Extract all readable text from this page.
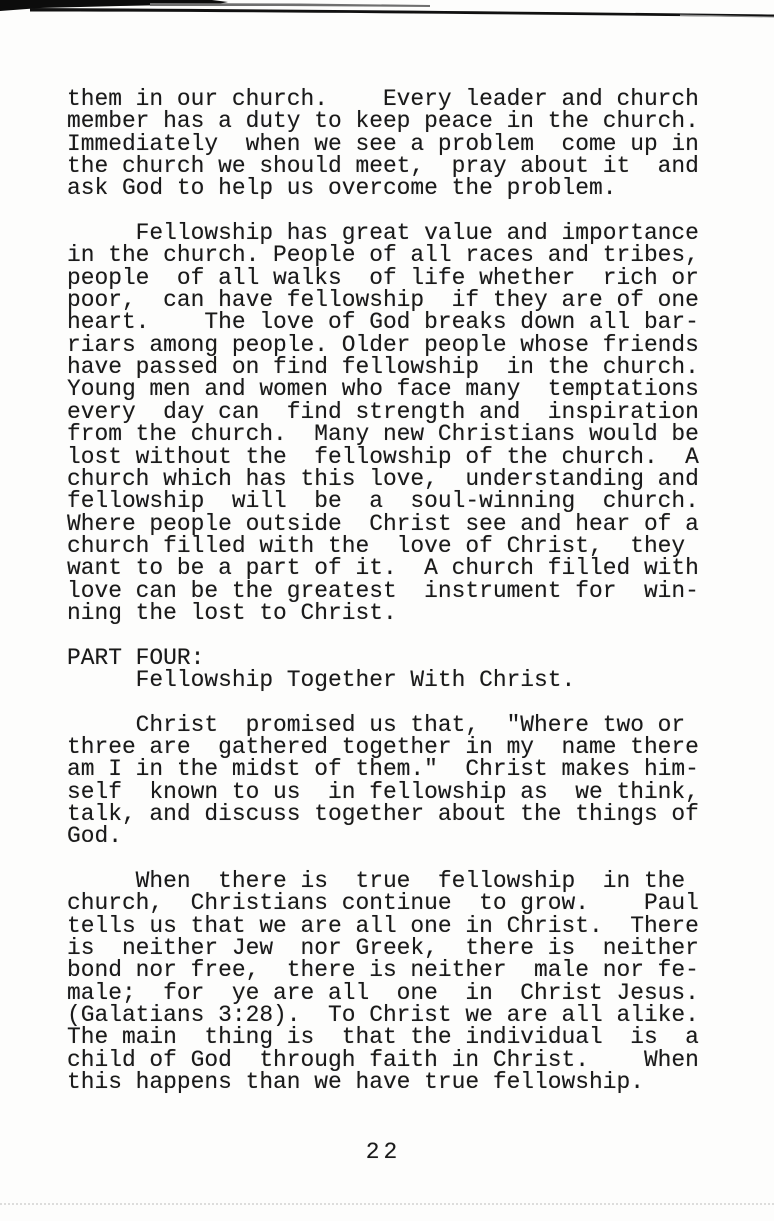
them in our church.    Every leader and church
member has a duty to keep peace in the church.
Immediately  when we see a problem  come up in
the church we should meet,  pray about it  and
ask God to help us overcome the problem.
Fellowship has great value and importance
in the church. People of all races and tribes,
people  of all walks  of life whether  rich or
poor,  can have fellowship  if they are of one
heart.    The love of God breaks down all bar-
riars among people. Older people whose friends
have passed on find fellowship  in the church.
Young men and women who face many  temptations
every  day can  find strength and  inspiration
from the church.  Many new Christians would be
lost without the  fellowship of the church.  A
church which has this love,  understanding and
fellowship  will  be  a  soul-winning  church.
Where people outside  Christ see and hear of a
church filled with the  love of Christ,  they
want to be a part of it.  A church filled with
love can be the greatest  instrument for  win-
ning the lost to Christ.
PART FOUR:
Fellowship Together With Christ.
Christ  promised us that,  "Where two or
three are  gathered together in my  name there
am I in the midst of them."  Christ makes him-
self  known to us  in fellowship as  we think,
talk, and discuss together about the things of
God.
When  there is  true  fellowship  in the
church,  Christians continue  to grow.    Paul
tells us that we are all one in Christ.  There
is  neither Jew  nor Greek,  there is  neither
bond nor free,  there is neither  male nor fe-
male;  for  ye are all  one  in  Christ Jesus.
(Galatians 3:28).  To Christ we are all alike.
The main  thing is  that the individual  is  a
child of God  through faith in Christ.    When
this happens than we have true fellowship.
22
